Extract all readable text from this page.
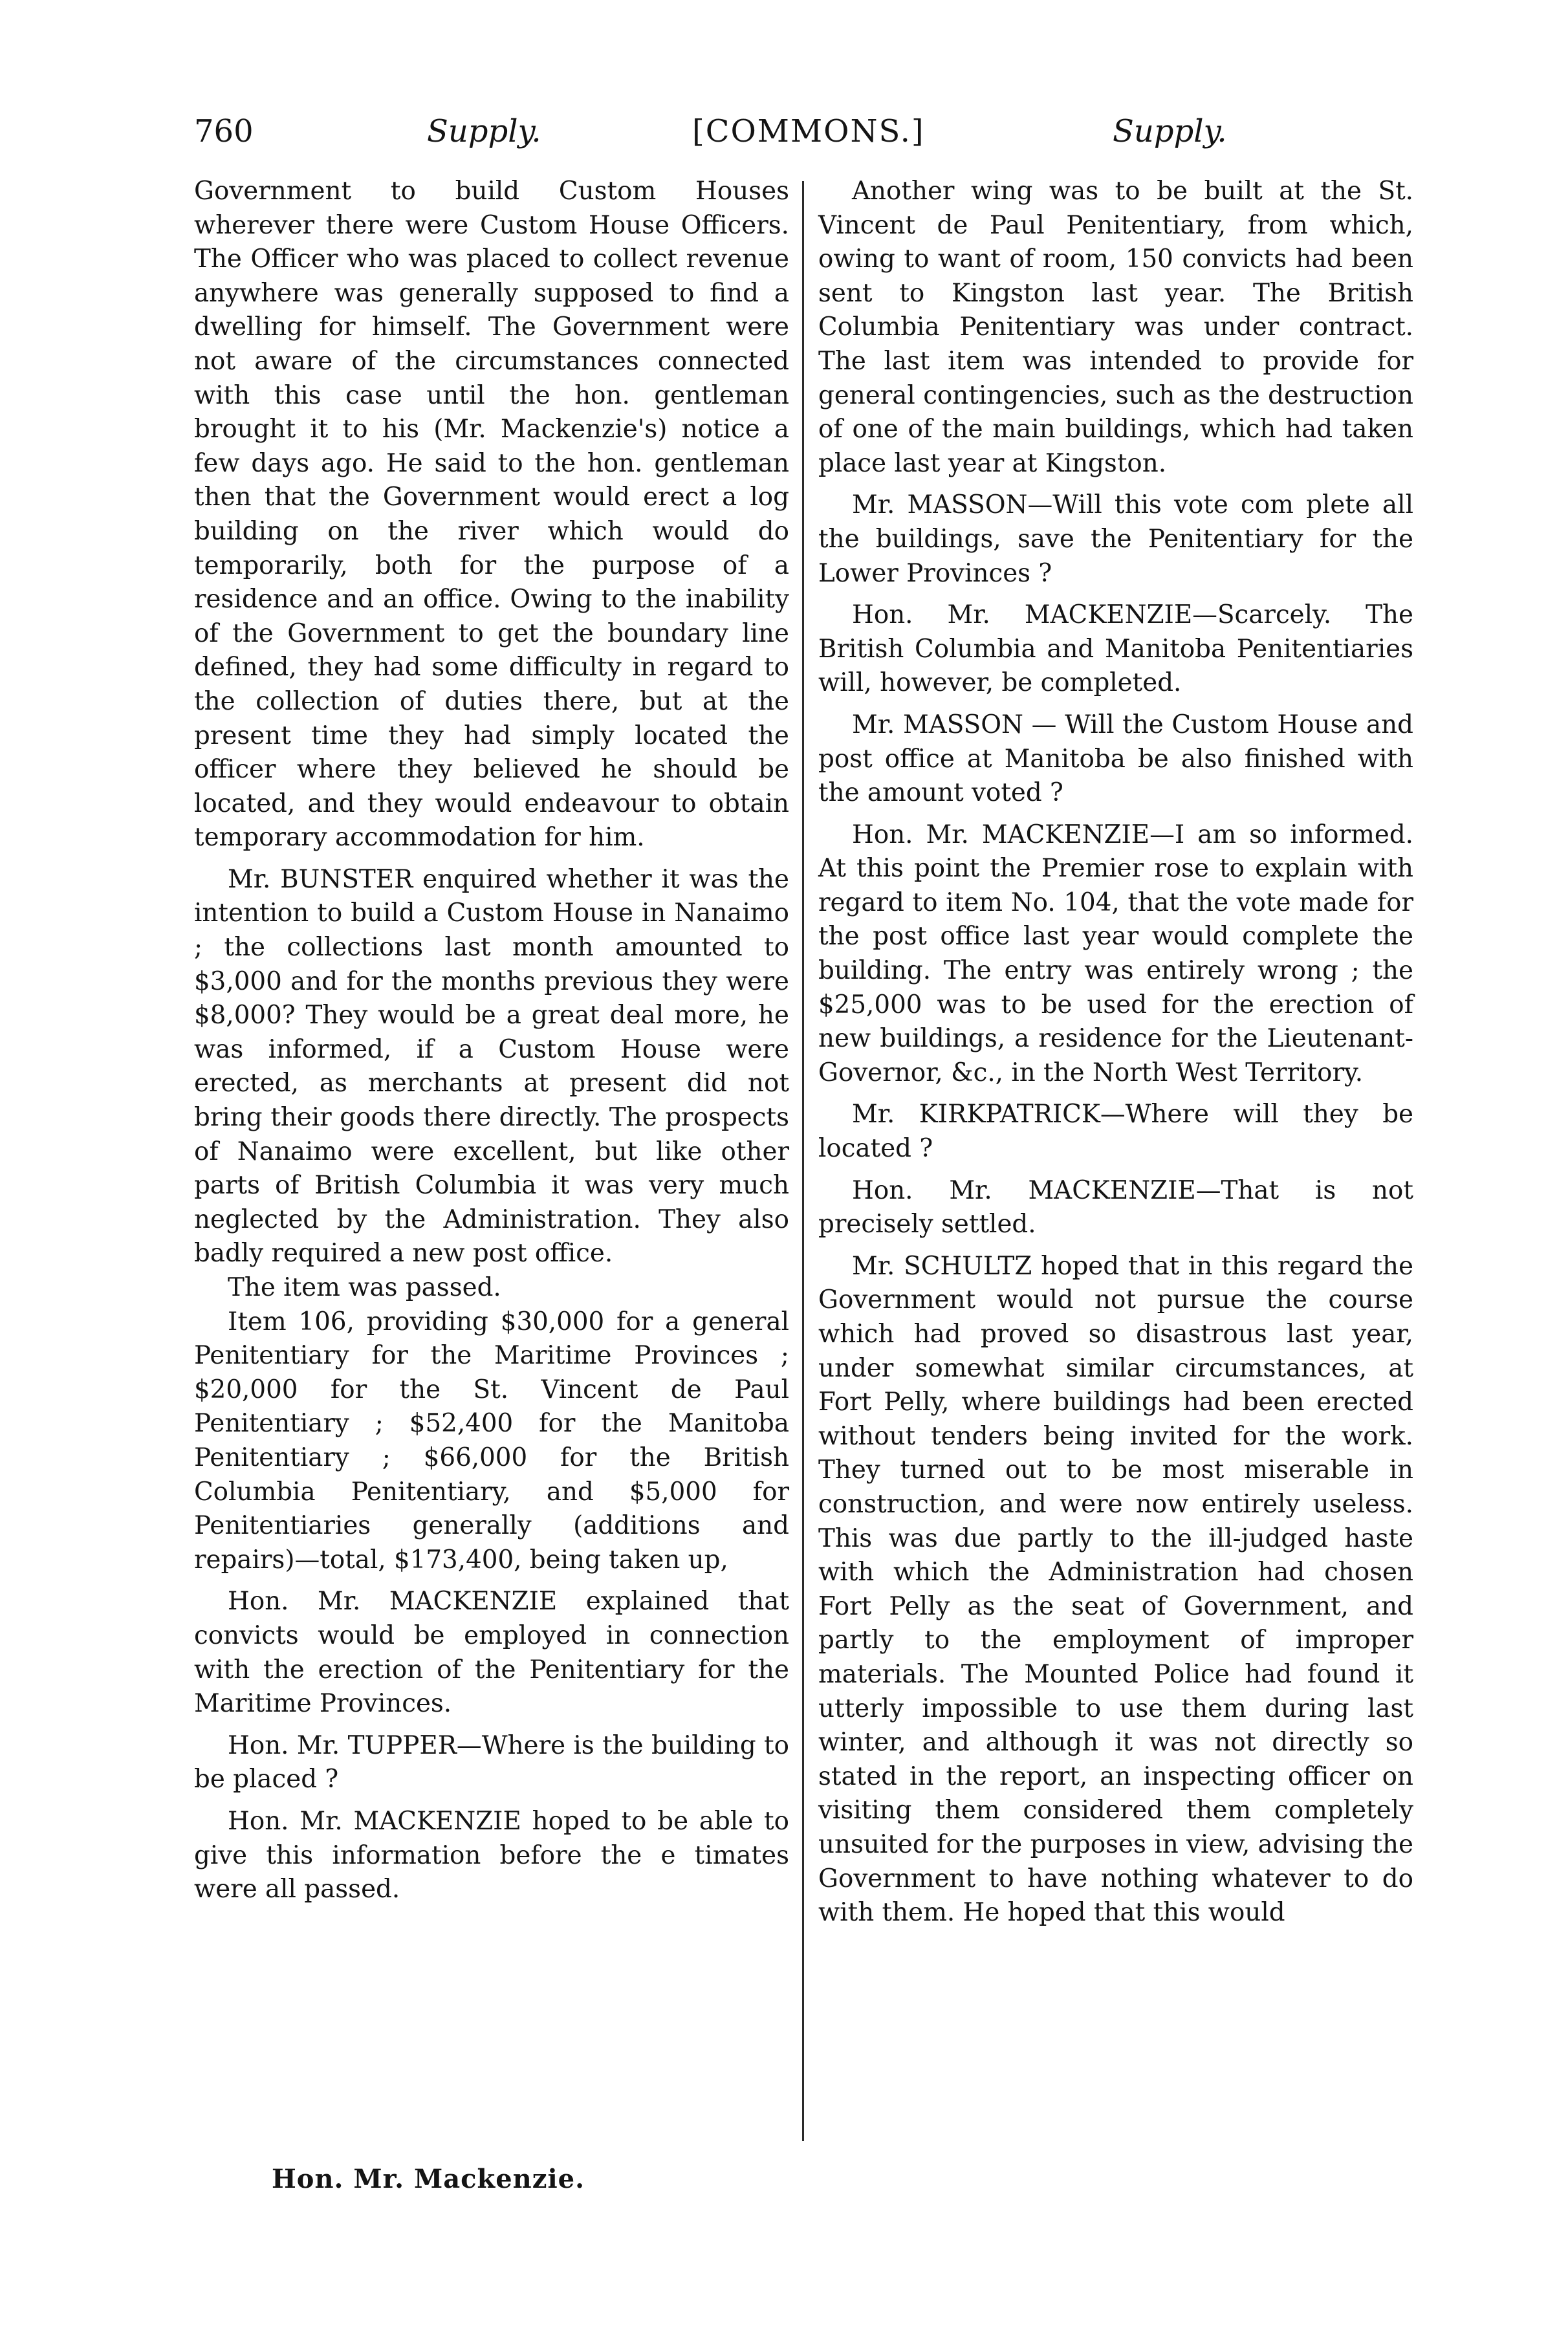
760	Supply.	[COMMONS.]	Supply.

Government to build Custom Houses wherever there were Custom House Officers. The Officer who was placed to collect revenue anywhere was generally supposed to find a dwelling for himself. The Government were not aware of the circumstances connected with this case until the hon. gentleman brought it to his (Mr. Mackenzie's) notice a few days ago. He said to the hon. gentleman then that the Government would erect a log building on the river which would do temporarily, both for the purpose of a residence and an office. Owing to the inability of the Government to get the boundary line defined, they had some difficulty in regard to the collection of duties there, but at the present time they had simply located the officer where they believed he should be located, and they would endeavour to obtain temporary accommodation for him.

Mr. BUNSTER enquired whether it was the intention to build a Custom House in Nanaimo ; the collections last month amounted to $3,000 and for the months previous they were $8,000? They would be a great deal more, he was informed, if a Custom House were erected, as merchants at present did not bring their goods there directly. The prospects of Nanaimo were excellent, but like other parts of British Columbia it was very much neglected by the Administration. They also badly required a new post office.

The item was passed.

Item 106, providing $30,000 for a general Penitentiary for the Maritime Provinces ; $20,000 for the St. Vincent de Paul Penitentiary ; $52,400 for the Manitoba Penitentiary ; $66,000 for the British Columbia Penitentiary, and $5,000 for Penitentiaries generally (additions and repairs)—total, $173,400, being taken up,

Hon. Mr. MACKENZIE explained that convicts would be employed in connection with the erection of the Penitentiary for the Maritime Provinces.

Hon. Mr. TUPPER—Where is the building to be placed ?

Hon. Mr. MACKENZIE hoped to be able to give this information before the e timates were all passed.

Another wing was to be built at the St. Vincent de Paul Penitentiary, from which, owing to want of room, 150 convicts had been sent to Kingston last year. The British Columbia Penitentiary was under contract. The last item was intended to provide for general contingencies, such as the destruction of one of the main buildings, which had taken place last year at Kingston.

Mr. MASSON—Will this vote com plete all the buildings, save the Penitentiary for the Lower Provinces ?

Hon. Mr. MACKENZIE—Scarcely. The British Columbia and Manitoba Penitentiaries will, however, be completed.

Mr. MASSON — Will the Custom House and post office at Manitoba be also finished with the amount voted ?

Hon. Mr. MACKENZIE—I am so informed. At this point the Premier rose to explain with regard to item No. 104, that the vote made for the post office last year would complete the building. The entry was entirely wrong ; the $25,000 was to be used for the erection of new buildings, a residence for the Lieutenant-Governor, &c., in the North West Territory.

Mr. KIRKPATRICK—Where will they be located ?

Hon. Mr. MACKENZIE—That is not precisely settled.

Mr. SCHULTZ hoped that in this regard the Government would not pursue the course which had proved so disastrous last year, under somewhat similar circumstances, at Fort Pelly, where buildings had been erected without tenders being invited for the work. They turned out to be most miserable in construction, and were now entirely useless. This was due partly to the ill-judged haste with which the Administration had chosen Fort Pelly as the seat of Government, and partly to the employment of improper materials. The Mounted Police had found it utterly impossible to use them during last winter, and although it was not directly so stated in the report, an inspecting officer on visiting them considered them completely unsuited for the purposes in view, advising the Government to have nothing whatever to do with them. He hoped that this would

Hon. Mr. Mackenzie.
